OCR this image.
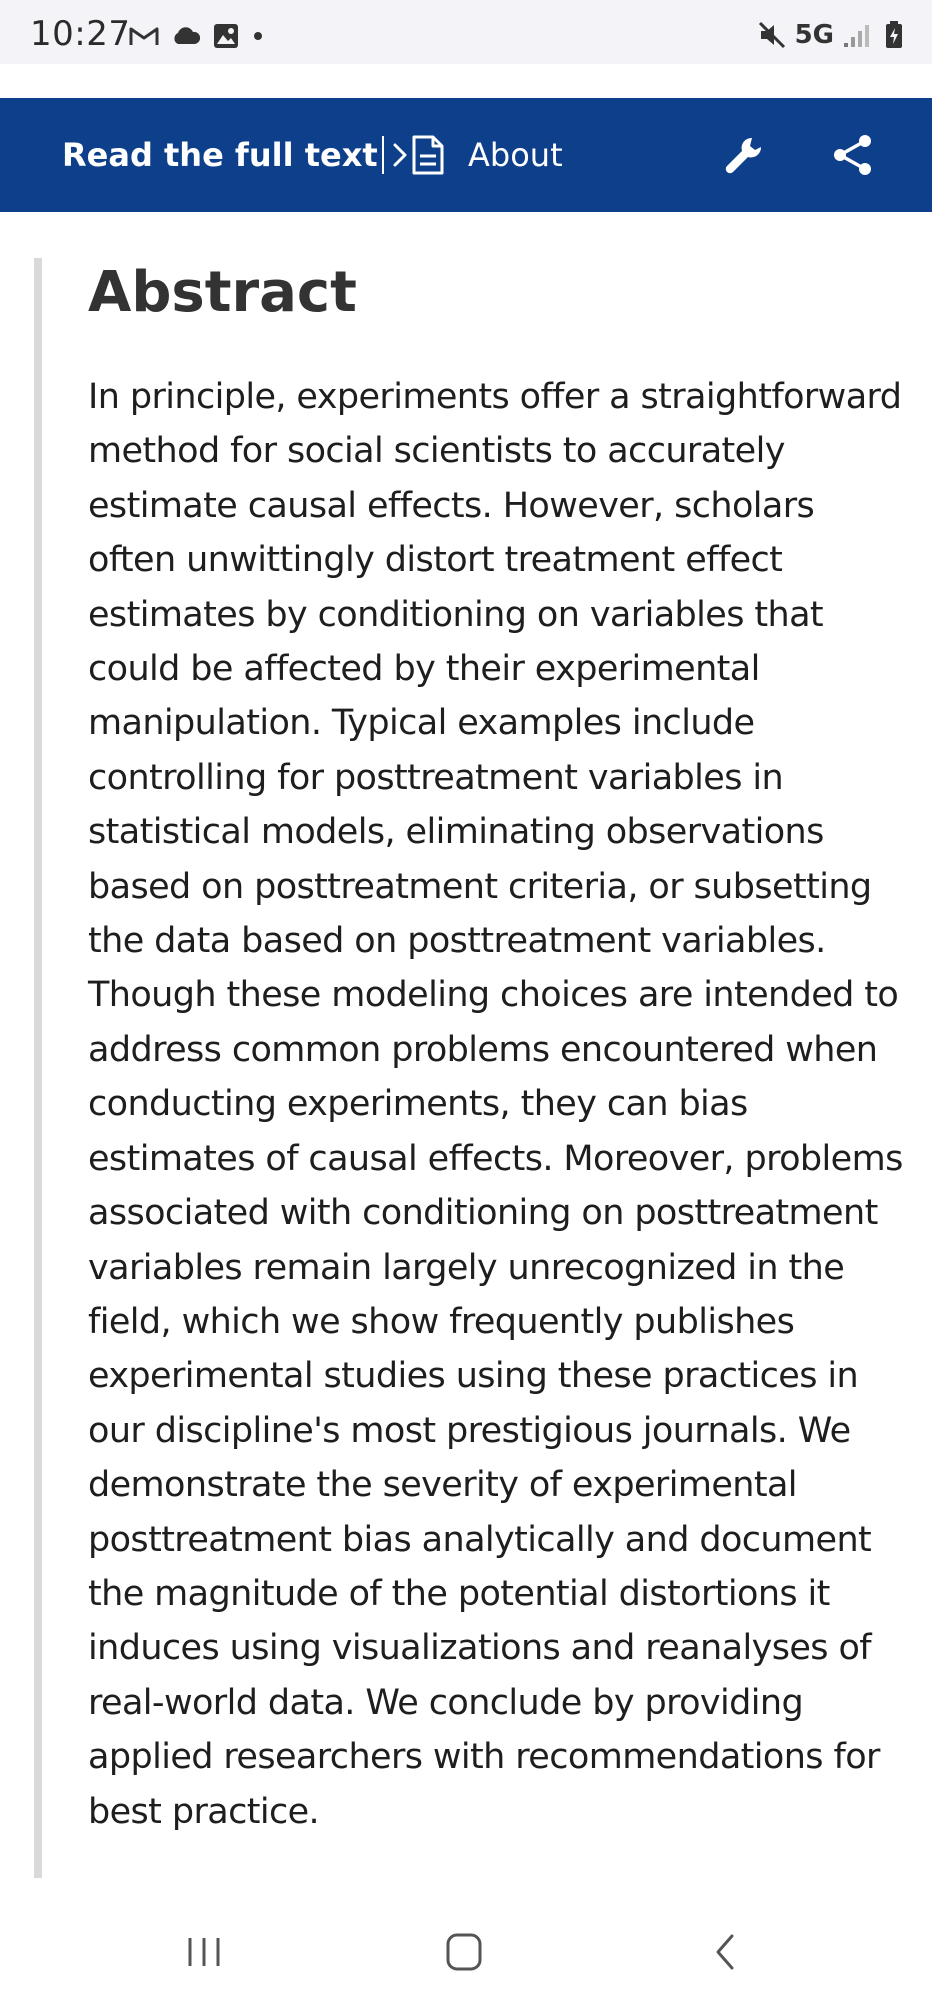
10:27	5G
Read the full text	About
Abstract

In principle, experiments offer a straightforward method for social scientists to accurately estimate causal effects. However, scholars often unwittingly distort treatment effect estimates by conditioning on variables that could be affected by their experimental manipulation. Typical examples include controlling for posttreatment variables in statistical models, eliminating observations based on posttreatment criteria, or subsetting the data based on posttreatment variables. Though these modeling choices are intended to address common problems encountered when conducting experiments, they can bias estimates of causal effects. Moreover, problems associated with conditioning on posttreatment variables remain largely unrecognized in the field, which we show frequently publishes experimental studies using these practices in our discipline's most prestigious journals. We demonstrate the severity of experimental posttreatment bias analytically and document the magnitude of the potential distortions it induces using visualizations and reanalyses of real-world data. We conclude by providing applied researchers with recommendations for best practice.
